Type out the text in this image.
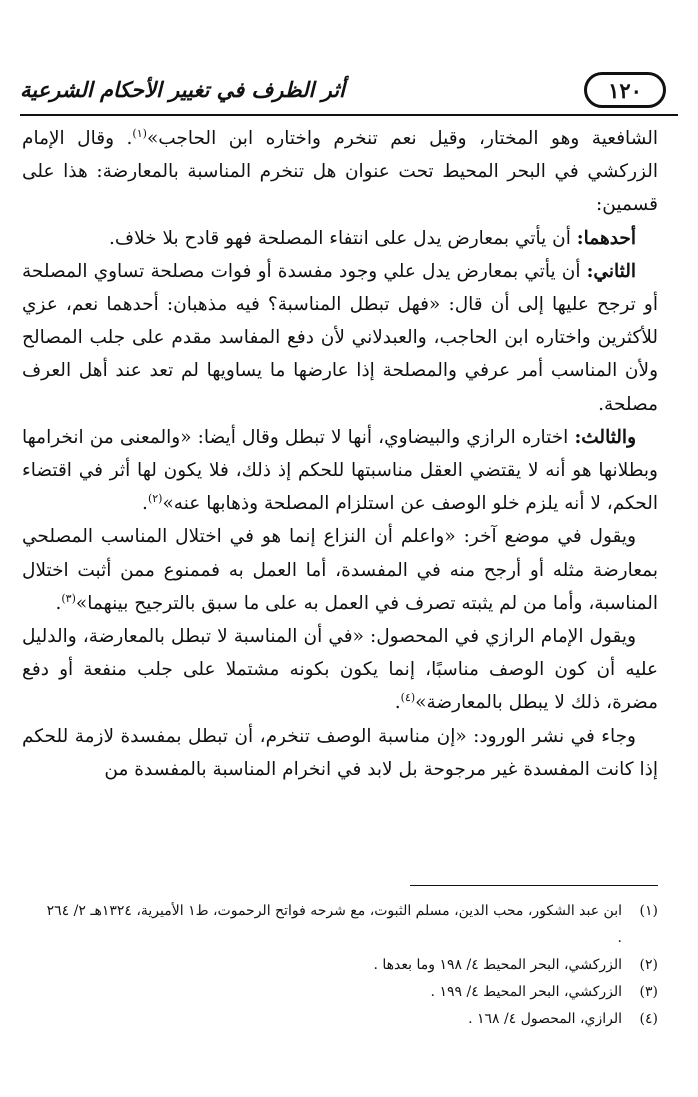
١٢٠
أثر الظرف في تغيير الأحكام الشرعية

الشافعية وهو المختار، وقيل نعم تنخرم واختاره ابن الحاجب»$^{(١)}$. وقال الإمام الزركشي في البحر المحيط تحت عنوان هل تنخرم المناسبة بالمعارضة: هذا على قسمين:

أحدهما: أن يأتي بمعارض يدل على انتفاء المصلحة فهو قادح بلا خلاف.

الثاني: أن يأتي بمعارض يدل علي وجود مفسدة أو فوات مصلحة تساوي المصلحة أو ترجح عليها إلى أن قال: «فهل تبطل المناسبة؟ فيه مذهبان: أحدهما نعم، عزي للأكثرين واختاره ابن الحاجب، والعبدلاني لأن دفع المفاسد مقدم على جلب المصالح ولأن المناسب أمر عرفي والمصلحة إذا عارضها ما يساويها لم تعد عند أهل العرف مصلحة.

والثالث: اختاره الرازي والبيضاوي، أنها لا تبطل وقال أيضا: «والمعنى من انخرامها وبطلانها هو أنه لا يقتضي العقل مناسبتها للحكم إذ ذلك، فلا يكون لها أثر في اقتضاء الحكم، لا أنه يلزم خلو الوصف عن استلزام المصلحة وذهابها عنه»$^{(٢)}$.

ويقول في موضع آخر: «واعلم أن النزاع إنما هو في اختلال المناسب المصلحي بمعارضة مثله أو أرجح منه في المفسدة، أما العمل به فممنوع ممن أثبت اختلال المناسبة، وأما من لم يثبته تصرف في العمل به على ما سبق بالترجيح بينهما»$^{(٣)}$.

ويقول الإمام الرازي في المحصول: «في أن المناسبة لا تبطل بالمعارضة، والدليل عليه أن كون الوصف مناسبًا، إنما يكون بكونه مشتملا على جلب منفعة أو دفع مضرة، ذلك لا يبطل بالمعارضة»$^{(٤)}$.

وجاء في نشر الورود: «إن مناسبة الوصف تنخرم، أن تبطل بمفسدة لازمة للحكم إذا كانت المفسدة غير مرجوحة بل لابد في انخرام المناسبة بالمفسدة من

(١)
ابن عبد الشكور، محب الدين، مسلم الثبوت، مع شرحه فواتح الرحموت، ط١ الأميرية، ١٣٢٤هـ ٢/ ٢٦٤ .
(٢)
الزركشي، البحر المحيط ٤/ ١٩٨ وما بعدها .
(٣)
الزركشي، البحر المحيط ٤/ ١٩٩ .
(٤)
الرازي، المحصول ٤/ ١٦٨ .
